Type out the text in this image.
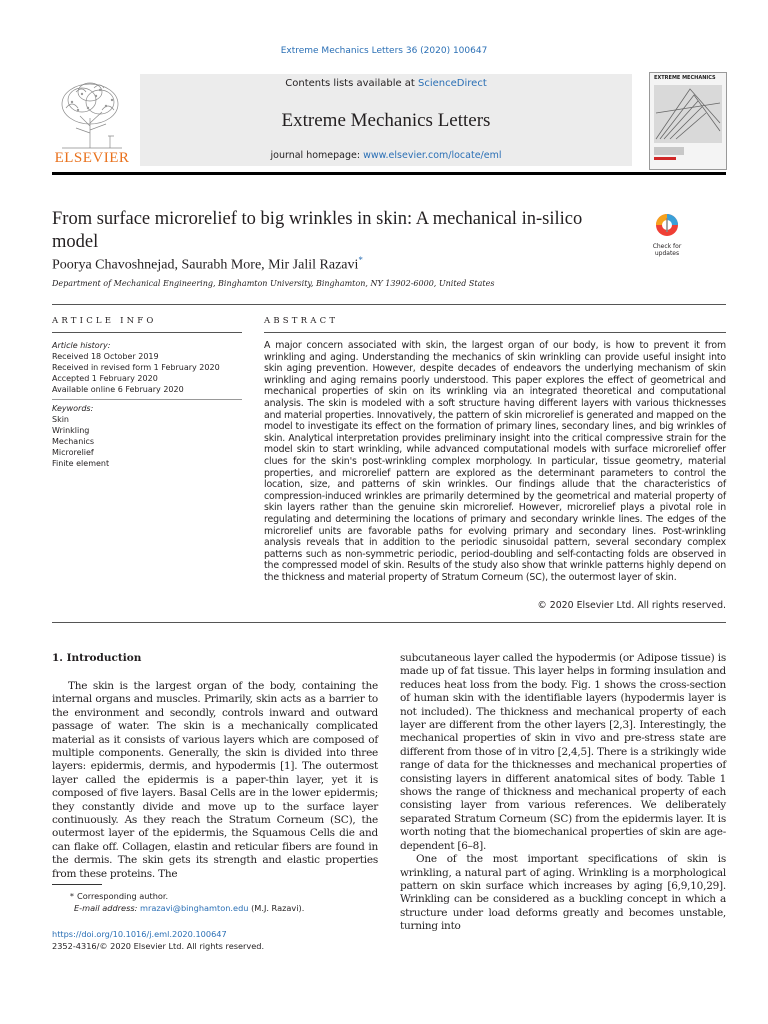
Extreme Mechanics Letters 36 (2020) 100647
ELSEVIER
Contents lists available at ScienceDirect
Extreme Mechanics Letters
journal homepage: www.elsevier.com/locate/eml
EXTREME MECHANICS
From surface microrelief to big wrinkles in skin: A mechanical in-silico model	Check for updates
Poorya Chavoshnejad, Saurabh More, Mir Jalil Razavi*
Department of Mechanical Engineering, Binghamton University, Binghamton, NY 13902-6000, United States
ARTICLE INFO	ABSTRACT
Article history:
Received 18 October 2019
Received in revised form 1 February 2020
Accepted 1 February 2020
Available online 6 February 2020
Keywords:
Skin
Wrinkling
Mechanics
Microrelief
Finite element
A major concern associated with skin, the largest organ of our body, is how to prevent it from wrinkling and aging. Understanding the mechanics of skin wrinkling can provide useful insight into skin aging prevention. However, despite decades of endeavors the underlying mechanism of skin wrinkling and aging remains poorly understood. This paper explores the effect of geometrical and mechanical properties of skin on its wrinkling via an integrated theoretical and computational analysis. The skin is modeled with a soft structure having different layers with various thicknesses and material properties. Innovatively, the pattern of skin microrelief is generated and mapped on the model to investigate its effect on the formation of primary lines, secondary lines, and big wrinkles of skin. Analytical interpretation provides preliminary insight into the critical compressive strain for the model skin to start wrinkling, while advanced computational models with surface microrelief offer clues for the skin's post-wrinkling complex morphology. In particular, tissue geometry, material properties, and microrelief pattern are explored as the determinant parameters to control the location, size, and patterns of skin wrinkles. Our findings allude that the characteristics of compression-induced wrinkles are primarily determined by the geometrical and material property of skin layers rather than the genuine skin microrelief. However, microrelief plays a pivotal role in regulating and determining the locations of primary and secondary wrinkle lines. The edges of the microrelief units are favorable paths for evolving primary and secondary lines. Post-wrinkling analysis reveals that in addition to the periodic sinusoidal pattern, several secondary complex patterns such as non-symmetric periodic, period-doubling and self-contacting folds are observed in the compressed model of skin. Results of the study also show that wrinkle patterns highly depend on the thickness and material property of Stratum Corneum (SC), the outermost layer of skin.
© 2020 Elsevier Ltd. All rights reserved.
1. Introduction

The skin is the largest organ of the body, containing the internal organs and muscles. Primarily, skin acts as a barrier to the environment and secondly, controls inward and outward passage of water. The skin is a mechanically complicated material as it consists of various layers which are composed of multiple components. Generally, the skin is divided into three layers: epidermis, dermis, and hypodermis [1]. The outermost layer called the epidermis is a paper-thin layer, yet it is composed of five layers. Basal Cells are in the lower epidermis; they constantly divide and move up to the surface layer continuously. As they reach the Stratum Corneum (SC), the outermost layer of the epidermis, the Squamous Cells die and can flake off. Collagen, elastin and reticular fibers are found in the dermis. The skin gets its strength and elastic properties from these proteins. The

subcutaneous layer called the hypodermis (or Adipose tissue) is made up of fat tissue. This layer helps in forming insulation and reduces heat loss from the body. Fig. 1 shows the cross-section of human skin with the identifiable layers (hypodermis layer is not included). The thickness and mechanical property of each layer are different from the other layers [2,3]. Interestingly, the mechanical properties of skin in vivo and pre-stress state are different from those of in vitro [2,4,5]. There is a strikingly wide range of data for the thicknesses and mechanical properties of consisting layers in different anatomical sites of body. Table 1 shows the range of thickness and mechanical property of each consisting layer from various references. We deliberately separated Stratum Corneum (SC) from the epidermis layer. It is worth noting that the biomechanical properties of skin are age-dependent [6–8].

One of the most important specifications of skin is wrinkling, a natural part of aging. Wrinkling is a morphological pattern on skin surface which increases by aging [6,9,10,29]. Wrinkling can be considered as a buckling concept in which a structure under load deforms greatly and becomes unstable, turning into

* Corresponding author.
E-mail address: mrazavi@binghamton.edu (M.J. Razavi).
https://doi.org/10.1016/j.eml.2020.100647
2352-4316/© 2020 Elsevier Ltd. All rights reserved.
